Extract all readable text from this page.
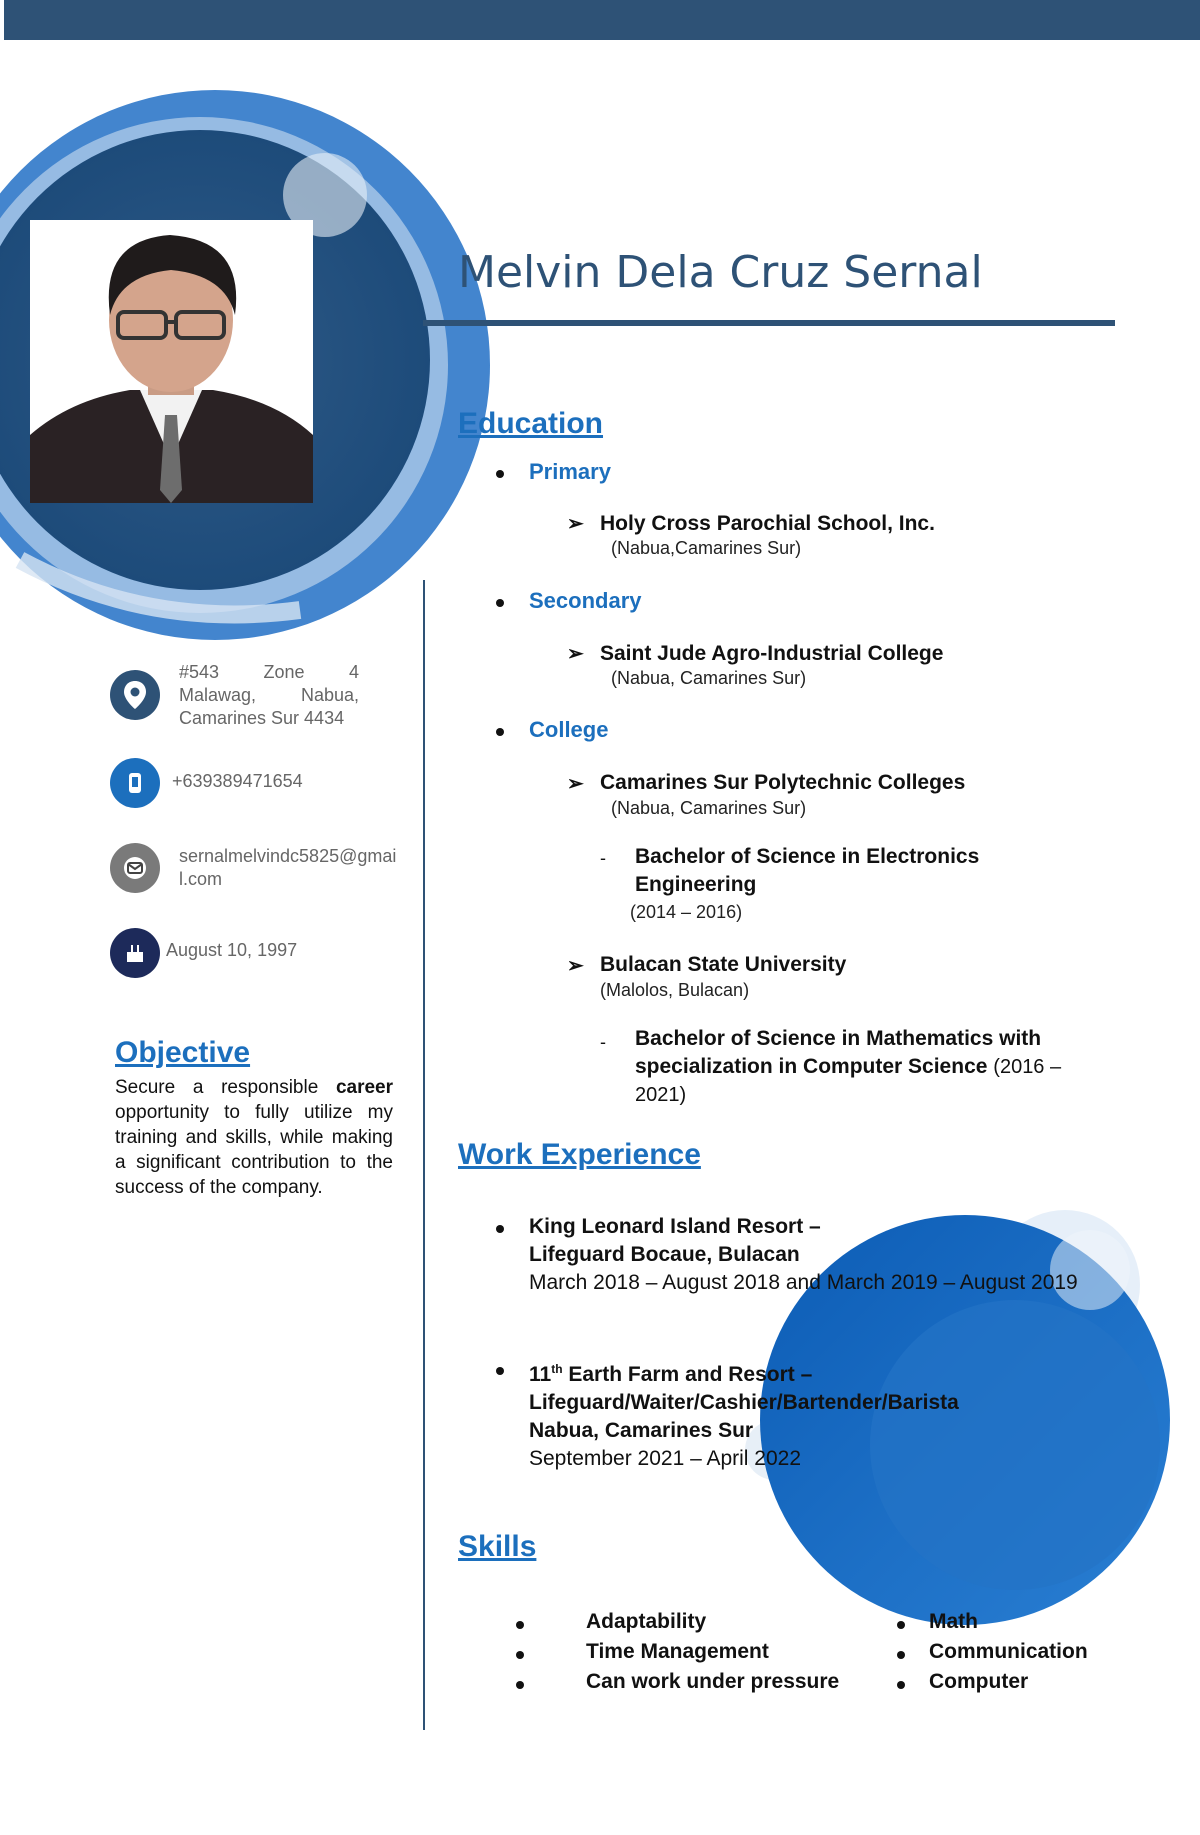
Melvin Dela Cruz Sernal
#543 Zone 4 Malawag, Nabua, Camarines Sur 4434
+639389471654
sernalmelvindc5825@gmail.com
August 10, 1997
Objective
Secure a responsible career opportunity to fully utilize my training and skills, while making a significant contribution to the success of the company.
Education
Primary
➢ Holy Cross Parochial School, Inc.
(Nabua,Camarines Sur)
Secondary
➢ Saint Jude Agro-Industrial College
(Nabua, Camarines Sur)
College
➢ Camarines Sur Polytechnic Colleges
(Nabua, Camarines Sur)
- Bachelor of Science in Electronics Engineering
(2014 – 2016)
➢ Bulacan State University
(Malolos, Bulacan)
- Bachelor of Science in Mathematics with specialization in Computer Science (2016 – 2021)
Work Experience
King Leonard Island Resort –
Lifeguard Bocaue, Bulacan
March 2018 – August 2018 and March 2019 – August 2019
11th Earth Farm and Resort –
Lifeguard/Waiter/Cashier/Bartender/Barista
Nabua, Camarines Sur
September 2021 – April 2022
Skills
Adaptability
Time Management
Can work under pressure
Math
Communication
Computer
